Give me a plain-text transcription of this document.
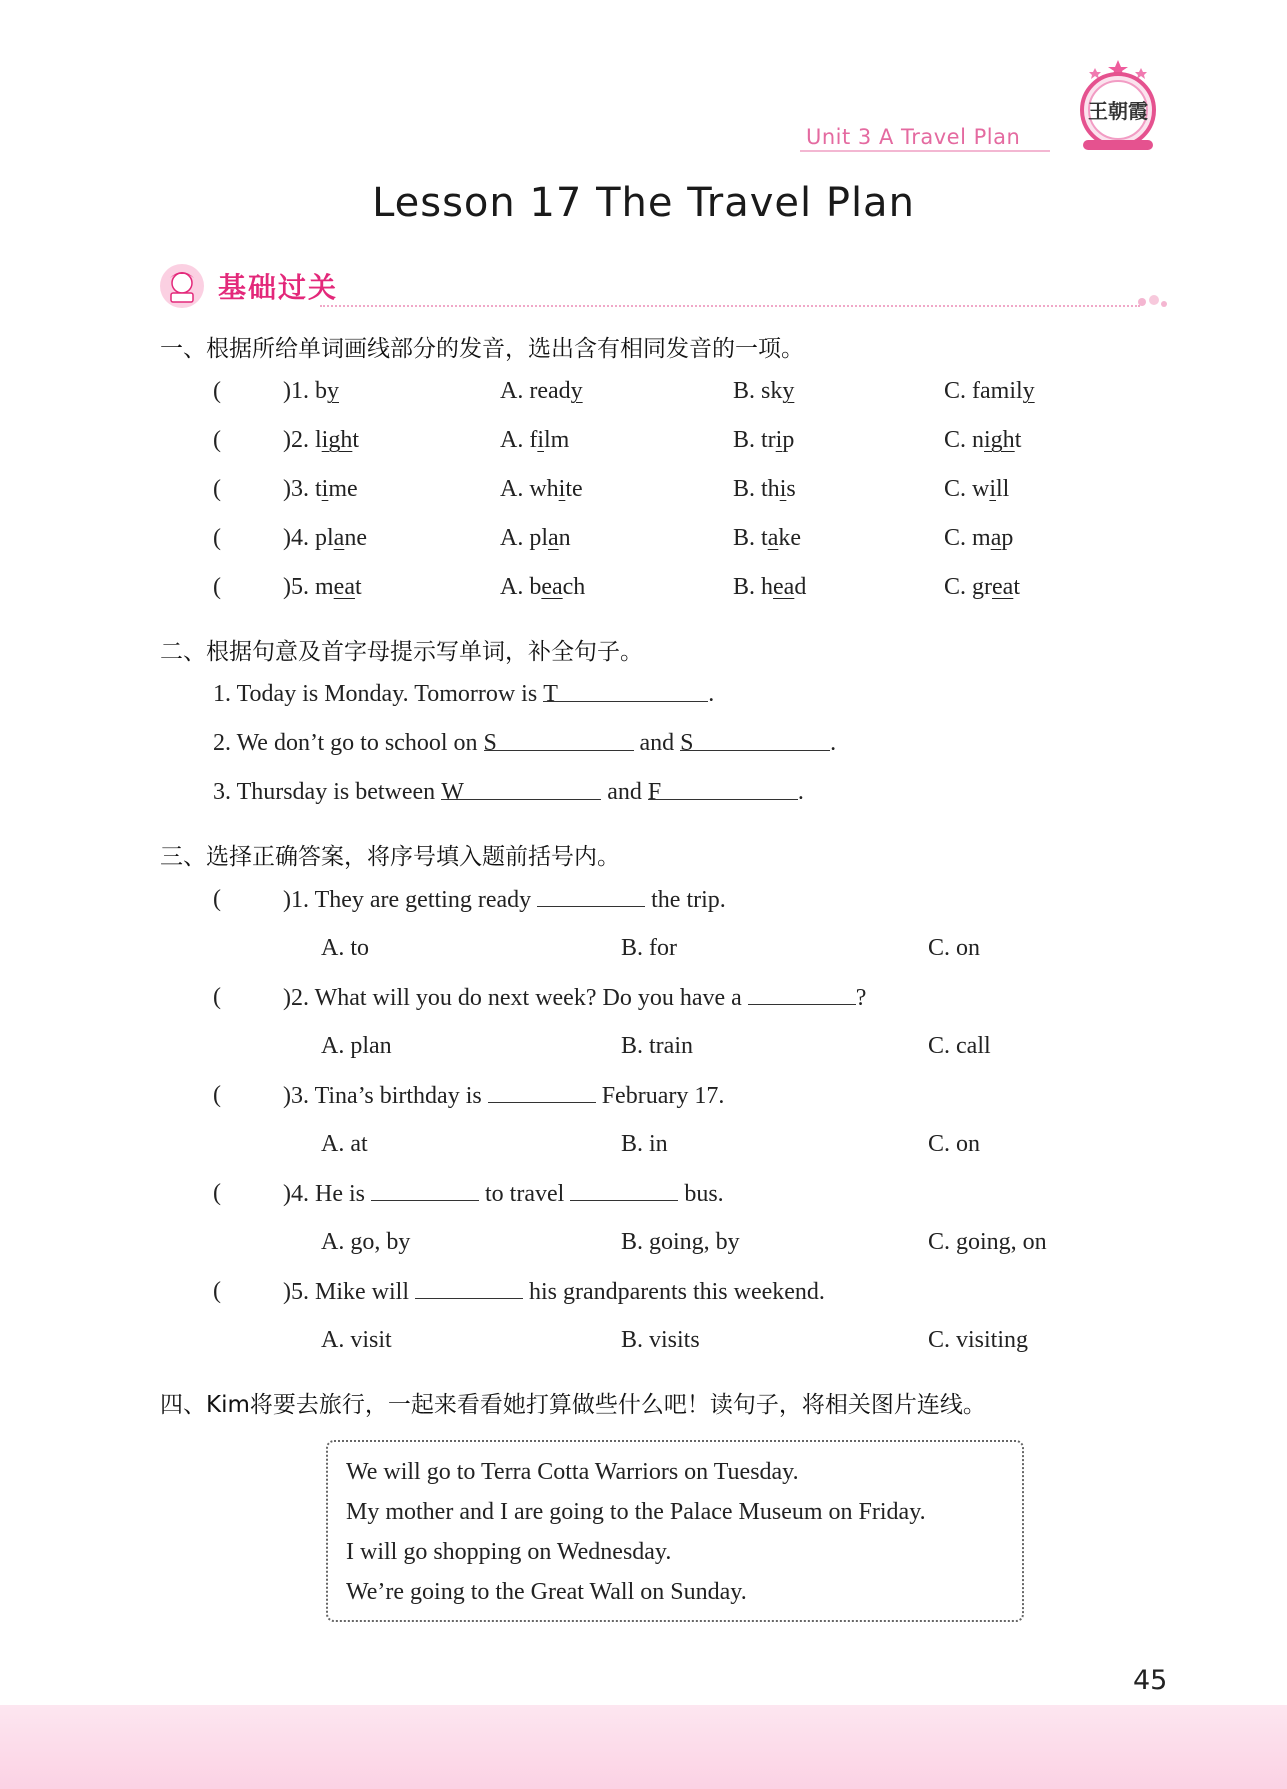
Unit 3 A Travel Plan
王朝霞
Lesson 17 The Travel Plan
基础过关
一、根据所给单词画线部分的发音，选出含有相同发音的一项。
(	)1. by	A. ready	B. sky	C. family
(	)2. light	A. film	B. trip	C. night
(	)3. time	A. white	B. this	C. will
(	)4. plane	A. plan	B. take	C. map
(	)5. meat	A. beach	B. head	C. great
二、根据句意及首字母提示写单词，补全句子。
1. Today is Monday. Tomorrow is T	.
2. We don’t go to school on S	and S	.
3. Thursday is between W	and F	.
三、选择正确答案，将序号填入题前括号内。
(	)1. They are getting ready	the trip.
A. to	B. for	C. on
(	)2. What will you do next week? Do you have a	?
A. plan	B. train	C. call
(	)3. Tina’s birthday is	February 17.
A. at	B. in	C. on
(	)4. He is	to travel	bus.
A. go, by	B. going, by	C. going, on
(	)5. Mike will	his grandparents this weekend.
A. visit	B. visits	C. visiting
四、Kim将要去旅行，一起来看看她打算做些什么吧！读句子，将相关图片连线。
We will go to Terra Cotta Warriors on Tuesday.
My mother and I are going to the Palace Museum on Friday.
I will go shopping on Wednesday.
We’re going to the Great Wall on Sunday.
45
